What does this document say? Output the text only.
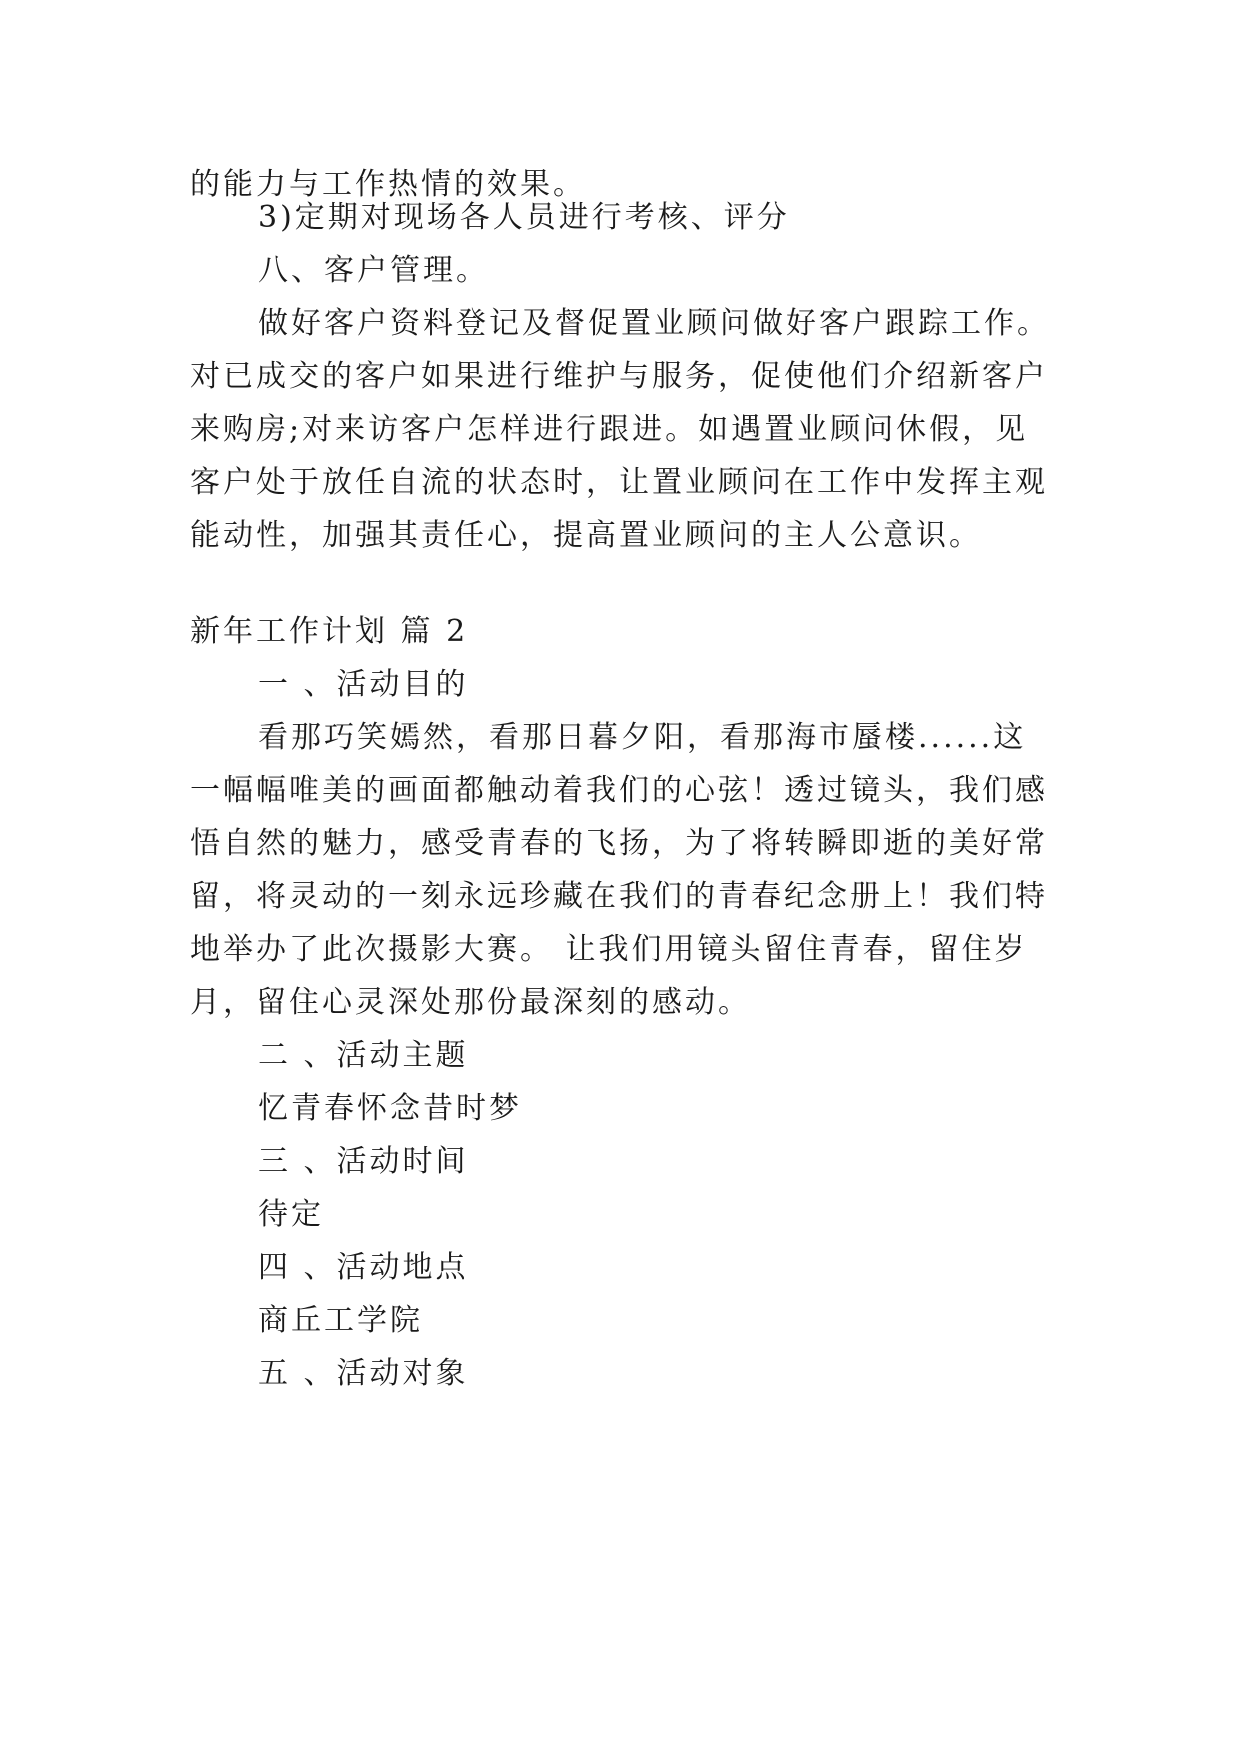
的能力与工作热情的效果。
3)定期对现场各人员进行考核、评分
八、客户管理。
做好客户资料登记及督促置业顾问做好客户跟踪工作。
对已成交的客户如果进行维护与服务，促使他们介绍新客户
来购房;对来访客户怎样进行跟进。如遇置业顾问休假，见
客户处于放任自流的状态时，让置业顾问在工作中发挥主观
能动性，加强其责任心，提高置业顾问的主人公意识。
新年工作计划 篇 2
一 、活动目的
看那巧笑嫣然，看那日暮夕阳，看那海市蜃楼......这
一幅幅唯美的画面都触动着我们的心弦！透过镜头，我们感
悟自然的魅力，感受青春的飞扬，为了将转瞬即逝的美好常
留，将灵动的一刻永远珍藏在我们的青春纪念册上！我们特
地举办了此次摄影大赛。 让我们用镜头留住青春，留住岁
月，留住心灵深处那份最深刻的感动。
二 、活动主题
忆青春怀念昔时梦
三 、活动时间
待定
四 、活动地点
商丘工学院
五 、活动对象
